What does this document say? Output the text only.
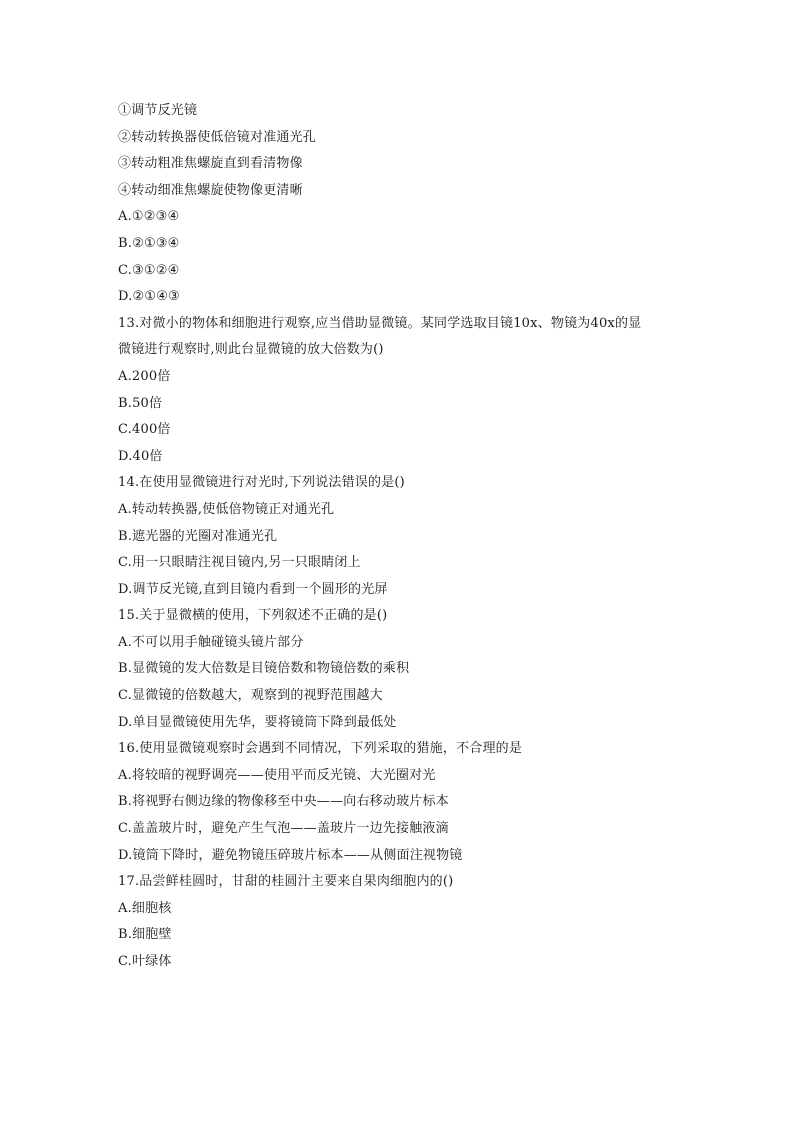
①调节反光镜
②转动转换器使低倍镜对准通光孔
③转动粗准焦螺旋直到看清物像
④转动细准焦螺旋使物像更清晰
A.①②③④
B.②①③④
C.③①②④
D.②①④③
13.对微小的物体和细胞进行观察,应当借助显微镜。某同学选取目镜10x、物镜为40x的显
微镜进行观察时,则此台显微镜的放大倍数为()
A.200倍
B.50倍
C.400倍
D.40倍
14.在使用显微镜进行对光时,下列说法错误的是()
A.转动转换器,使低倍物镜正对通光孔
B.遮光器的光圈对准通光孔
C.用一只眼睛注视目镜内,另一只眼睛闭上
D.调节反光镜,直到目镜内看到一个圆形的光屏
15.关于显微横的使用，下列叙述不正确的是()
A.不可以用手触碰镜头镜片部分
B.显微镜的发大倍数是目镜倍数和物镜倍数的乘积
C.显微镜的倍数越大，观察到的视野范围越大
D.单目显微镜使用先华，要将镜筒下降到最低处
16.使用显微镜观察时会遇到不同情况，下列采取的猎施，不合理的是
A.将较暗的视野调亮——使用平而反光镜、大光圈对光
B.将视野右侧边缘的物像移至中央——向右移动玻片标本
C.盖盖玻片时，避免产生气泡——盖玻片一边先接触液滴
D.镜筒下降时，避免物镜压碎玻片标本——从侧面注视物镜
17.品尝鲜桂圆时，甘甜的桂圆汁主要来自果肉细胞内的()
A.细胞核
B.细胞壁
C.叶绿体
